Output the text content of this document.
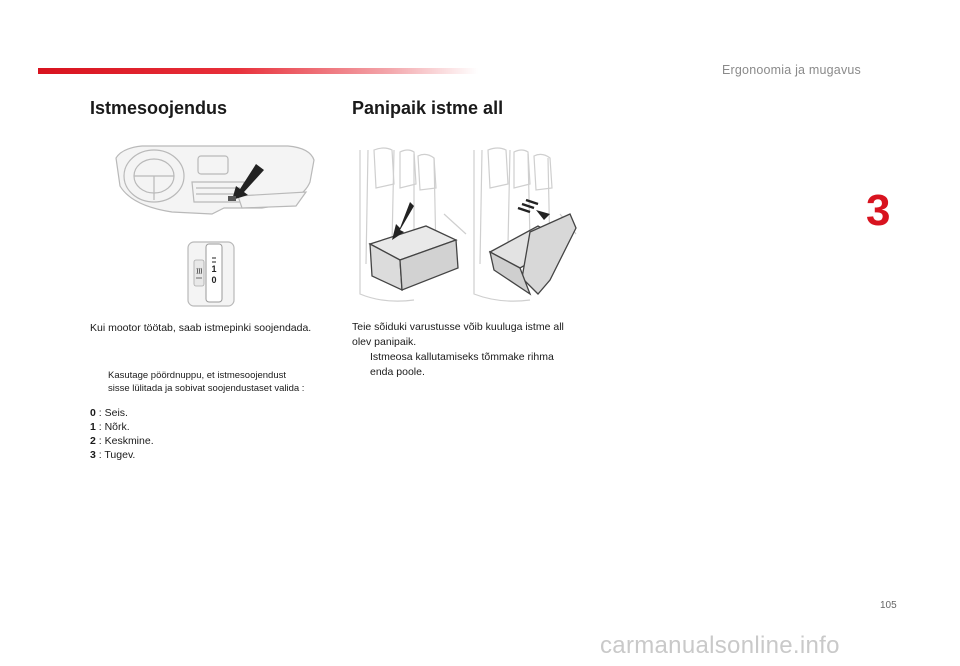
Ergonoomia ja mugavus
3
Istmesoojendus	Panipaik istme all
1
0
Kui mootor töötab, saab istmepinki soojendada.
Kasutage pöördnuppu, et istmesoojendust
sisse lülitada ja sobivat soojendustaset valida :
0 : Seis.
1 : Nõrk.
2 : Keskmine.
3 : Tugev.
Teie sõiduki varustusse võib kuuluga istme all
olev panipaik.
Istmeosa kallutamiseks tõmmake rihma
enda poole.
105
carmanualsonline.info
